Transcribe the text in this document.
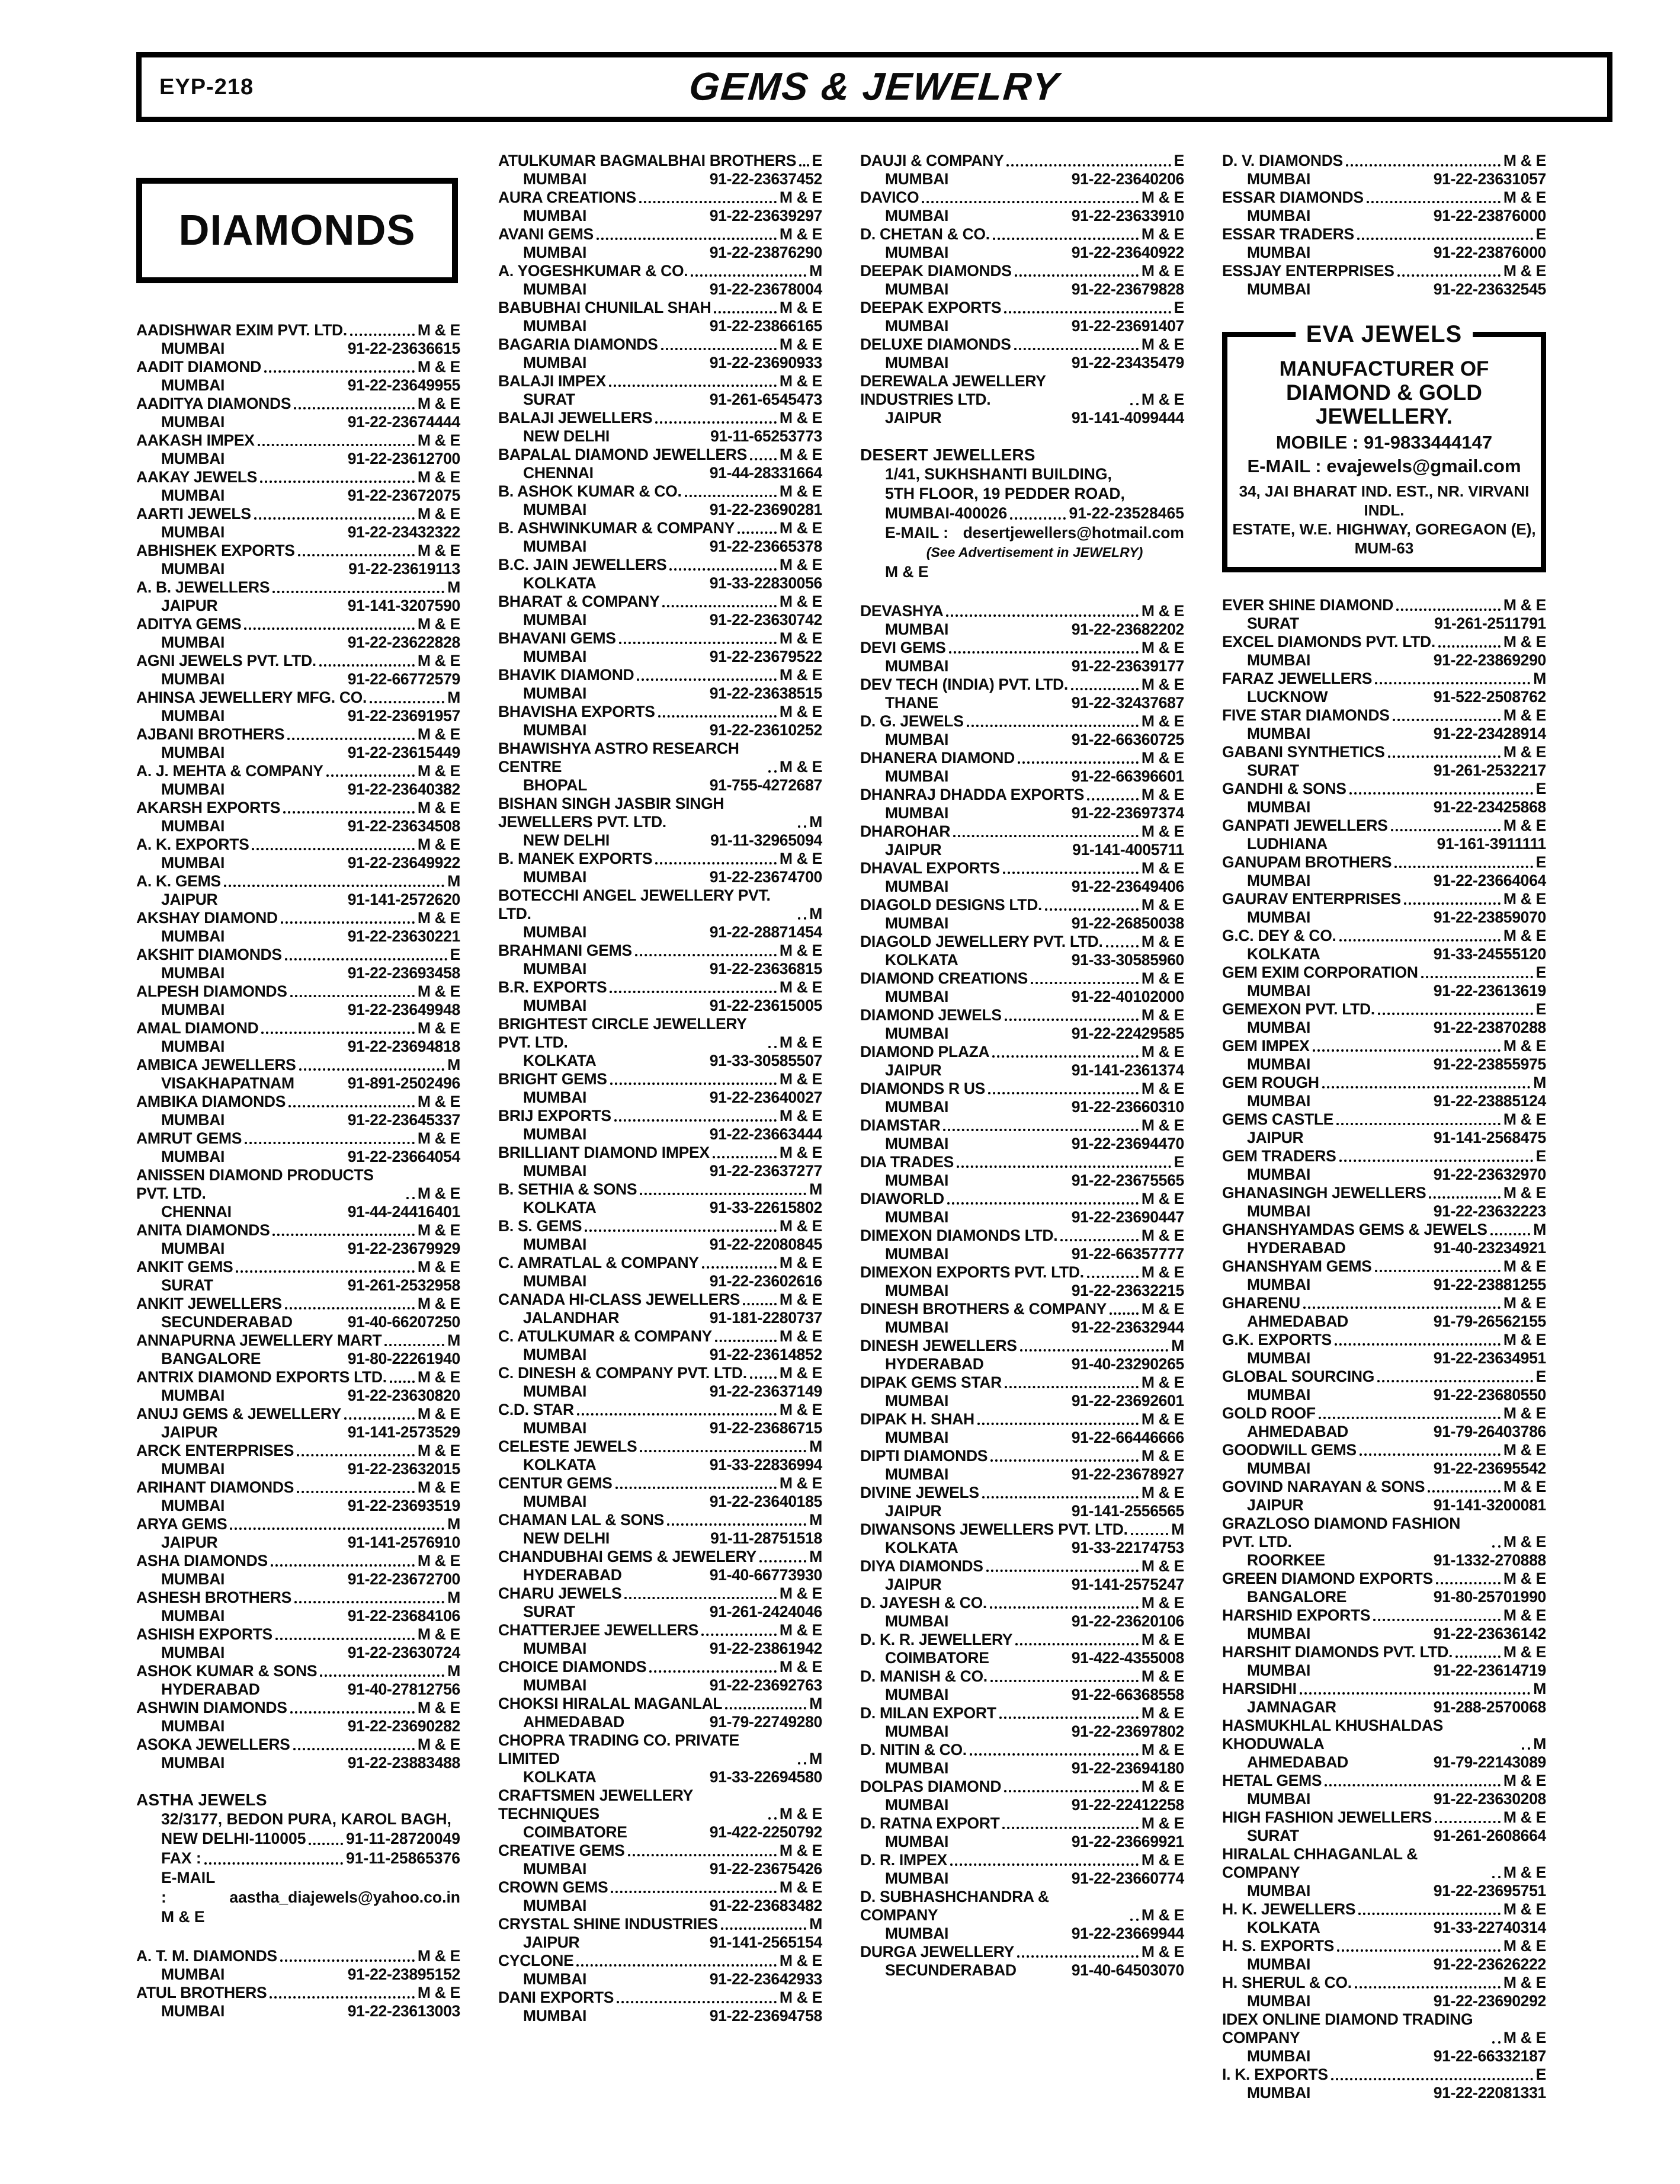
EYP-218	GEMS & JEWELRY
DIAMONDS
AADISHWAR EXIM PVT. LTD.	M & E
MUMBAI	91-22-23636615
AADIT DIAMOND	M & E
MUMBAI	91-22-23649955
AADITYA DIAMONDS	M & E
MUMBAI	91-22-23674444
AAKASH IMPEX	M & E
MUMBAI	91-22-23612700
AAKAY JEWELS	M & E
MUMBAI	91-22-23672075
AARTI JEWELS	M & E
MUMBAI	91-22-23432322
ABHISHEK EXPORTS	M & E
MUMBAI	91-22-23619113
A. B. JEWELLERS	M
JAIPUR	91-141-3207590
ADITYA GEMS	M & E
MUMBAI	91-22-23622828
AGNI JEWELS PVT. LTD.	M & E
MUMBAI	91-22-66772579
AHINSA JEWELLERY MFG. CO.	M
MUMBAI	91-22-23691957
AJBANI BROTHERS	M & E
MUMBAI	91-22-23615449
A. J. MEHTA & COMPANY	M & E
MUMBAI	91-22-23640382
AKARSH EXPORTS	M & E
MUMBAI	91-22-23634508
A. K. EXPORTS	M & E
MUMBAI	91-22-23649922
A. K. GEMS	M
JAIPUR	91-141-2572620
AKSHAY DIAMOND	M & E
MUMBAI	91-22-23630221
AKSHIT DIAMONDS	E
MUMBAI	91-22-23693458
ALPESH DIAMONDS	M & E
MUMBAI	91-22-23649948
AMAL DIAMOND	M & E
MUMBAI	91-22-23694818
AMBICA JEWELLERS	M
VISAKHAPATNAM	91-891-2502496
AMBIKA DIAMONDS	M & E
MUMBAI	91-22-23645337
AMRUT GEMS	M & E
MUMBAI	91-22-23664054
ANISSEN DIAMOND PRODUCTS PVT. LTD.	M & E
CHENNAI	91-44-24416401
ANITA DIAMONDS	M & E
MUMBAI	91-22-23679929
ANKIT GEMS	M & E
SURAT	91-261-2532958
ANKIT JEWELLERS	M & E
SECUNDERABAD	91-40-66207250
ANNAPURNA JEWELLERY MART	M
BANGALORE	91-80-22261940
ANTRIX DIAMOND EXPORTS LTD. M & E
MUMBAI	91-22-23630820
ANUJ GEMS & JEWELLERY	M & E
JAIPUR	91-141-2573529
ARCK ENTERPRISES	M & E
MUMBAI	91-22-23632015
ARIHANT DIAMONDS	M & E
MUMBAI	91-22-23693519
ARYA GEMS	M
JAIPUR	91-141-2576910
ASHA DIAMONDS	M & E
MUMBAI	91-22-23672700
ASHESH BROTHERS	M
MUMBAI	91-22-23684106
ASHISH EXPORTS	M & E
MUMBAI	91-22-23630724
ASHOK KUMAR & SONS	M
HYDERABAD	91-40-27812756
ASHWIN DIAMONDS	M & E
MUMBAI	91-22-23690282
ASOKA JEWELLERS	M & E
MUMBAI	91-22-23883488
ASTHA JEWELS
32/3177, BEDON PURA, KAROL BAGH,
NEW DELHI-110005	91-11-28720049
FAX :	91-11-25865376
E-MAIL :	aastha_diajewels@yahoo.co.in
M & E
A. T. M. DIAMONDS	M & E
MUMBAI	91-22-23895152
ATUL BROTHERS	M & E
MUMBAI	91-22-23613003
ATULKUMAR BAGMALBHAI BROTHERS E
MUMBAI	91-22-23637452
AURA CREATIONS	M & E
MUMBAI	91-22-23639297
AVANI GEMS	M & E
MUMBAI	91-22-23876290
A. YOGESHKUMAR & CO.	M
MUMBAI	91-22-23678004
BABUBHAI CHUNILAL SHAH	M & E
MUMBAI	91-22-23866165
BAGARIA DIAMONDS	M & E
MUMBAI	91-22-23690933
BALAJI IMPEX	M & E
SURAT	91-261-6545473
BALAJI JEWELLERS	M & E
NEW DELHI	91-11-65253773
BAPALAL DIAMOND JEWELLERS M & E
CHENNAI	91-44-28331664
B. ASHOK KUMAR & CO.	M & E
MUMBAI	91-22-23690281
B. ASHWINKUMAR & COMPANY	M & E
MUMBAI	91-22-23665378
B.C. JAIN JEWELLERS	M & E
KOLKATA	91-33-22830056
BHARAT & COMPANY	M & E
MUMBAI	91-22-23630742
BHAVANI GEMS	M & E
MUMBAI	91-22-23679522
BHAVIK DIAMOND	M & E
MUMBAI	91-22-23638515
BHAVISHA EXPORTS	M & E
MUMBAI	91-22-23610252
BHAWISHYA ASTRO RESEARCH CENTRE	M & E
BHOPAL	91-755-4272687
BISHAN SINGH JASBIR SINGH JEWELLERS PVT. LTD.	M
NEW DELHI	91-11-32965094
B. MANEK EXPORTS	M & E
MUMBAI	91-22-23674700
BOTECCHI ANGEL JEWELLERY PVT. LTD.	M
MUMBAI	91-22-28871454
BRAHMANI GEMS	M & E
MUMBAI	91-22-23636815
B.R. EXPORTS	M & E
MUMBAI	91-22-23615005
BRIGHTEST CIRCLE JEWELLERY PVT. LTD.	M & E
KOLKATA	91-33-30585507
BRIGHT GEMS	M & E
MUMBAI	91-22-23640027
BRIJ EXPORTS	M & E
MUMBAI	91-22-23663444
BRILLIANT DIAMOND IMPEX	M & E
MUMBAI	91-22-23637277
B. SETHIA & SONS	M
KOLKATA	91-33-22615802
B. S. GEMS	M & E
MUMBAI	91-22-22080845
C. AMRATLAL & COMPANY	M & E
MUMBAI	91-22-23602616
CANADA HI-CLASS JEWELLERS	M & E
JALANDHAR	91-181-2280737
C. ATULKUMAR & COMPANY	M & E
MUMBAI	91-22-23614852
C. DINESH & COMPANY PVT. LTD. M & E
MUMBAI	91-22-23637149
C.D. STAR	M & E
MUMBAI	91-22-23686715
CELESTE JEWELS	M
KOLKATA	91-33-22836994
CENTUR GEMS	M & E
MUMBAI	91-22-23640185
CHAMAN LAL & SONS	M
NEW DELHI	91-11-28751518
CHANDUBHAI GEMS & JEWELERY	M
HYDERABAD	91-40-66773930
CHARU JEWELS	M & E
SURAT	91-261-2424046
CHATTERJEE JEWELLERS	M & E
MUMBAI	91-22-23861942
CHOICE DIAMONDS	M & E
MUMBAI	91-22-23692763
CHOKSI HIRALAL MAGANLAL	M
AHMEDABAD	91-79-22749280
CHOPRA TRADING CO. PRIVATE LIMITED	M
KOLKATA	91-33-22694580
CRAFTSMEN JEWELLERY TECHNIQUES	M & E
COIMBATORE	91-422-2250792
CREATIVE GEMS	M & E
MUMBAI	91-22-23675426
CROWN GEMS	M & E
MUMBAI	91-22-23683482
CRYSTAL SHINE INDUSTRIES	M
JAIPUR	91-141-2565154
CYCLONE	M & E
MUMBAI	91-22-23642933
DANI EXPORTS	M & E
MUMBAI	91-22-23694758
DAUJI & COMPANY	E
MUMBAI	91-22-23640206
DAVICO	M & E
MUMBAI	91-22-23633910
D. CHETAN & CO.	M & E
MUMBAI	91-22-23640922
DEEPAK DIAMONDS	M & E
MUMBAI	91-22-23679828
DEEPAK EXPORTS	E
MUMBAI	91-22-23691407
DELUXE DIAMONDS	M & E
MUMBAI	91-22-23435479
DEREWALA JEWELLERY INDUSTRIES LTD.	M & E
JAIPUR	91-141-4099444
DESERT JEWELLERS
1/41, SUKHSHANTI BUILDING,
5TH FLOOR, 19 PEDDER ROAD,
MUMBAI-400026	91-22-23528465
E-MAIL : desertjewellers@hotmail.com
(See Advertisement in JEWELRY)
M & E
DEVASHYA	M & E
MUMBAI	91-22-23682202
DEVI GEMS	M & E
MUMBAI	91-22-23639177
DEV TECH (INDIA) PVT. LTD.	M & E
THANE	91-22-32437687
D. G. JEWELS	M & E
MUMBAI	91-22-66360725
DHANERA DIAMOND	M & E
MUMBAI	91-22-66396601
DHANRAJ DHADDA EXPORTS	M & E
MUMBAI	91-22-23697374
DHAROHAR	M & E
JAIPUR	91-141-4005711
DHAVAL EXPORTS	M & E
MUMBAI	91-22-23649406
DIAGOLD DESIGNS LTD.	M & E
MUMBAI	91-22-26850038
DIAGOLD JEWELLERY PVT. LTD. M & E
KOLKATA	91-33-30585960
DIAMOND CREATIONS	M & E
MUMBAI	91-22-40102000
DIAMOND JEWELS	M & E
MUMBAI	91-22-22429585
DIAMOND PLAZA	M & E
JAIPUR	91-141-2361374
DIAMONDS R US	M & E
MUMBAI	91-22-23660310
DIAMSTAR	M & E
MUMBAI	91-22-23694470
DIA TRADES	E
MUMBAI	91-22-23675565
DIAWORLD	M & E
MUMBAI	91-22-23690447
DIMEXON DIAMONDS LTD.	M & E
MUMBAI	91-22-66357777
DIMEXON EXPORTS PVT. LTD.	M & E
MUMBAI	91-22-23632215
DINESH BROTHERS & COMPANY M & E
MUMBAI	91-22-23632944
DINESH JEWELLERS	M
HYDERABAD	91-40-23290265
DIPAK GEMS STAR	M & E
MUMBAI	91-22-23692601
DIPAK H. SHAH	M & E
MUMBAI	91-22-66446666
DIPTI DIAMONDS	M & E
MUMBAI	91-22-23678927
DIVINE JEWELS	M & E
JAIPUR	91-141-2556565
DIWANSONS JEWELLERS PVT. LTD.	M
KOLKATA	91-33-22174753
DIYA DIAMONDS	M & E
JAIPUR	91-141-2575247
D. JAYESH & CO.	M & E
MUMBAI	91-22-23620106
D. K. R. JEWELLERY	M & E
COIMBATORE	91-422-4355008
D. MANISH & CO.	M & E
MUMBAI	91-22-66368558
D. MILAN EXPORT	M & E
MUMBAI	91-22-23697802
D. NITIN & CO.	M & E
MUMBAI	91-22-23694180
DOLPAS DIAMOND	M & E
MUMBAI	91-22-22412258
D. RATNA EXPORT	M & E
MUMBAI	91-22-23669921
D. R. IMPEX	M & E
MUMBAI	91-22-23660774
D. SUBHASHCHANDRA & COMPANY	M & E
MUMBAI	91-22-23669944
DURGA JEWELLERY	M & E
SECUNDERABAD	91-40-64503070
D. V. DIAMONDS	M & E
MUMBAI	91-22-23631057
ESSAR DIAMONDS	M & E
MUMBAI	91-22-23876000
ESSAR TRADERS	E
MUMBAI	91-22-23876000
ESSJAY ENTERPRISES	M & E
MUMBAI	91-22-23632545
EVA JEWELS
MANUFACTURER OF
DIAMOND & GOLD JEWELLERY.
MOBILE : 91-9833444147
E-MAIL : evajewels@gmail.com
34, JAI BHARAT IND. EST., NR. VIRVANI INDL.
ESTATE, W.E. HIGHWAY, GOREGAON (E), MUM-63
EVER SHINE DIAMOND	M & E
SURAT	91-261-2511791
EXCEL DIAMONDS PVT. LTD.	M & E
MUMBAI	91-22-23869290
FARAZ JEWELLERS	M
LUCKNOW	91-522-2508762
FIVE STAR DIAMONDS	M & E
MUMBAI	91-22-23428914
GABANI SYNTHETICS	M & E
SURAT	91-261-2532217
GANDHI & SONS	E
MUMBAI	91-22-23425868
GANPATI JEWELLERS	M & E
LUDHIANA	91-161-3911111
GANUPAM BROTHERS	E
MUMBAI	91-22-23664064
GAURAV ENTERPRISES	M & E
MUMBAI	91-22-23859070
G.C. DEY & CO.	M & E
KOLKATA	91-33-24555120
GEM EXIM CORPORATION	E
MUMBAI	91-22-23613619
GEMEXON PVT. LTD.	E
MUMBAI	91-22-23870288
GEM IMPEX	M & E
MUMBAI	91-22-23855975
GEM ROUGH	M
MUMBAI	91-22-23885124
GEMS CASTLE	M & E
JAIPUR	91-141-2568475
GEM TRADERS	E
MUMBAI	91-22-23632970
GHANASINGH JEWELLERS	M & E
MUMBAI	91-22-23632223
GHANSHYAMDAS GEMS & JEWELS	M
HYDERABAD	91-40-23234921
GHANSHYAM GEMS	M & E
MUMBAI	91-22-23881255
GHARENU	M & E
AHMEDABAD	91-79-26562155
G.K. EXPORTS	M & E
MUMBAI	91-22-23634951
GLOBAL SOURCING	E
MUMBAI	91-22-23680550
GOLD ROOF	M & E
AHMEDABAD	91-79-26403786
GOODWILL GEMS	M & E
MUMBAI	91-22-23695542
GOVIND NARAYAN & SONS	M & E
JAIPUR	91-141-3200081
GRAZLOSO DIAMOND FASHION PVT. LTD.	M & E
ROORKEE	91-1332-270888
GREEN DIAMOND EXPORTS	M & E
BANGALORE	91-80-25701990
HARSHID EXPORTS	M & E
MUMBAI	91-22-23636142
HARSHIT DIAMONDS PVT. LTD.	M & E
MUMBAI	91-22-23614719
HARSIDHI	M
JAMNAGAR	91-288-2570068
HASMUKHLAL KHUSHALDAS KHODUWALA	M
AHMEDABAD	91-79-22143089
HETAL GEMS	M & E
MUMBAI	91-22-23630208
HIGH FASHION JEWELLERS	M & E
SURAT	91-261-2608664
HIRALAL CHHAGANLAL & COMPANY	M & E
MUMBAI	91-22-23695751
H. K. JEWELLERS	M & E
KOLKATA	91-33-22740314
H. S. EXPORTS	M & E
MUMBAI	91-22-23626222
H. SHERUL & CO.	M & E
MUMBAI	91-22-23690292
IDEX ONLINE DIAMOND TRADING COMPANY	M & E
MUMBAI	91-22-66332187
I. K. EXPORTS	E
MUMBAI	91-22-22081331
